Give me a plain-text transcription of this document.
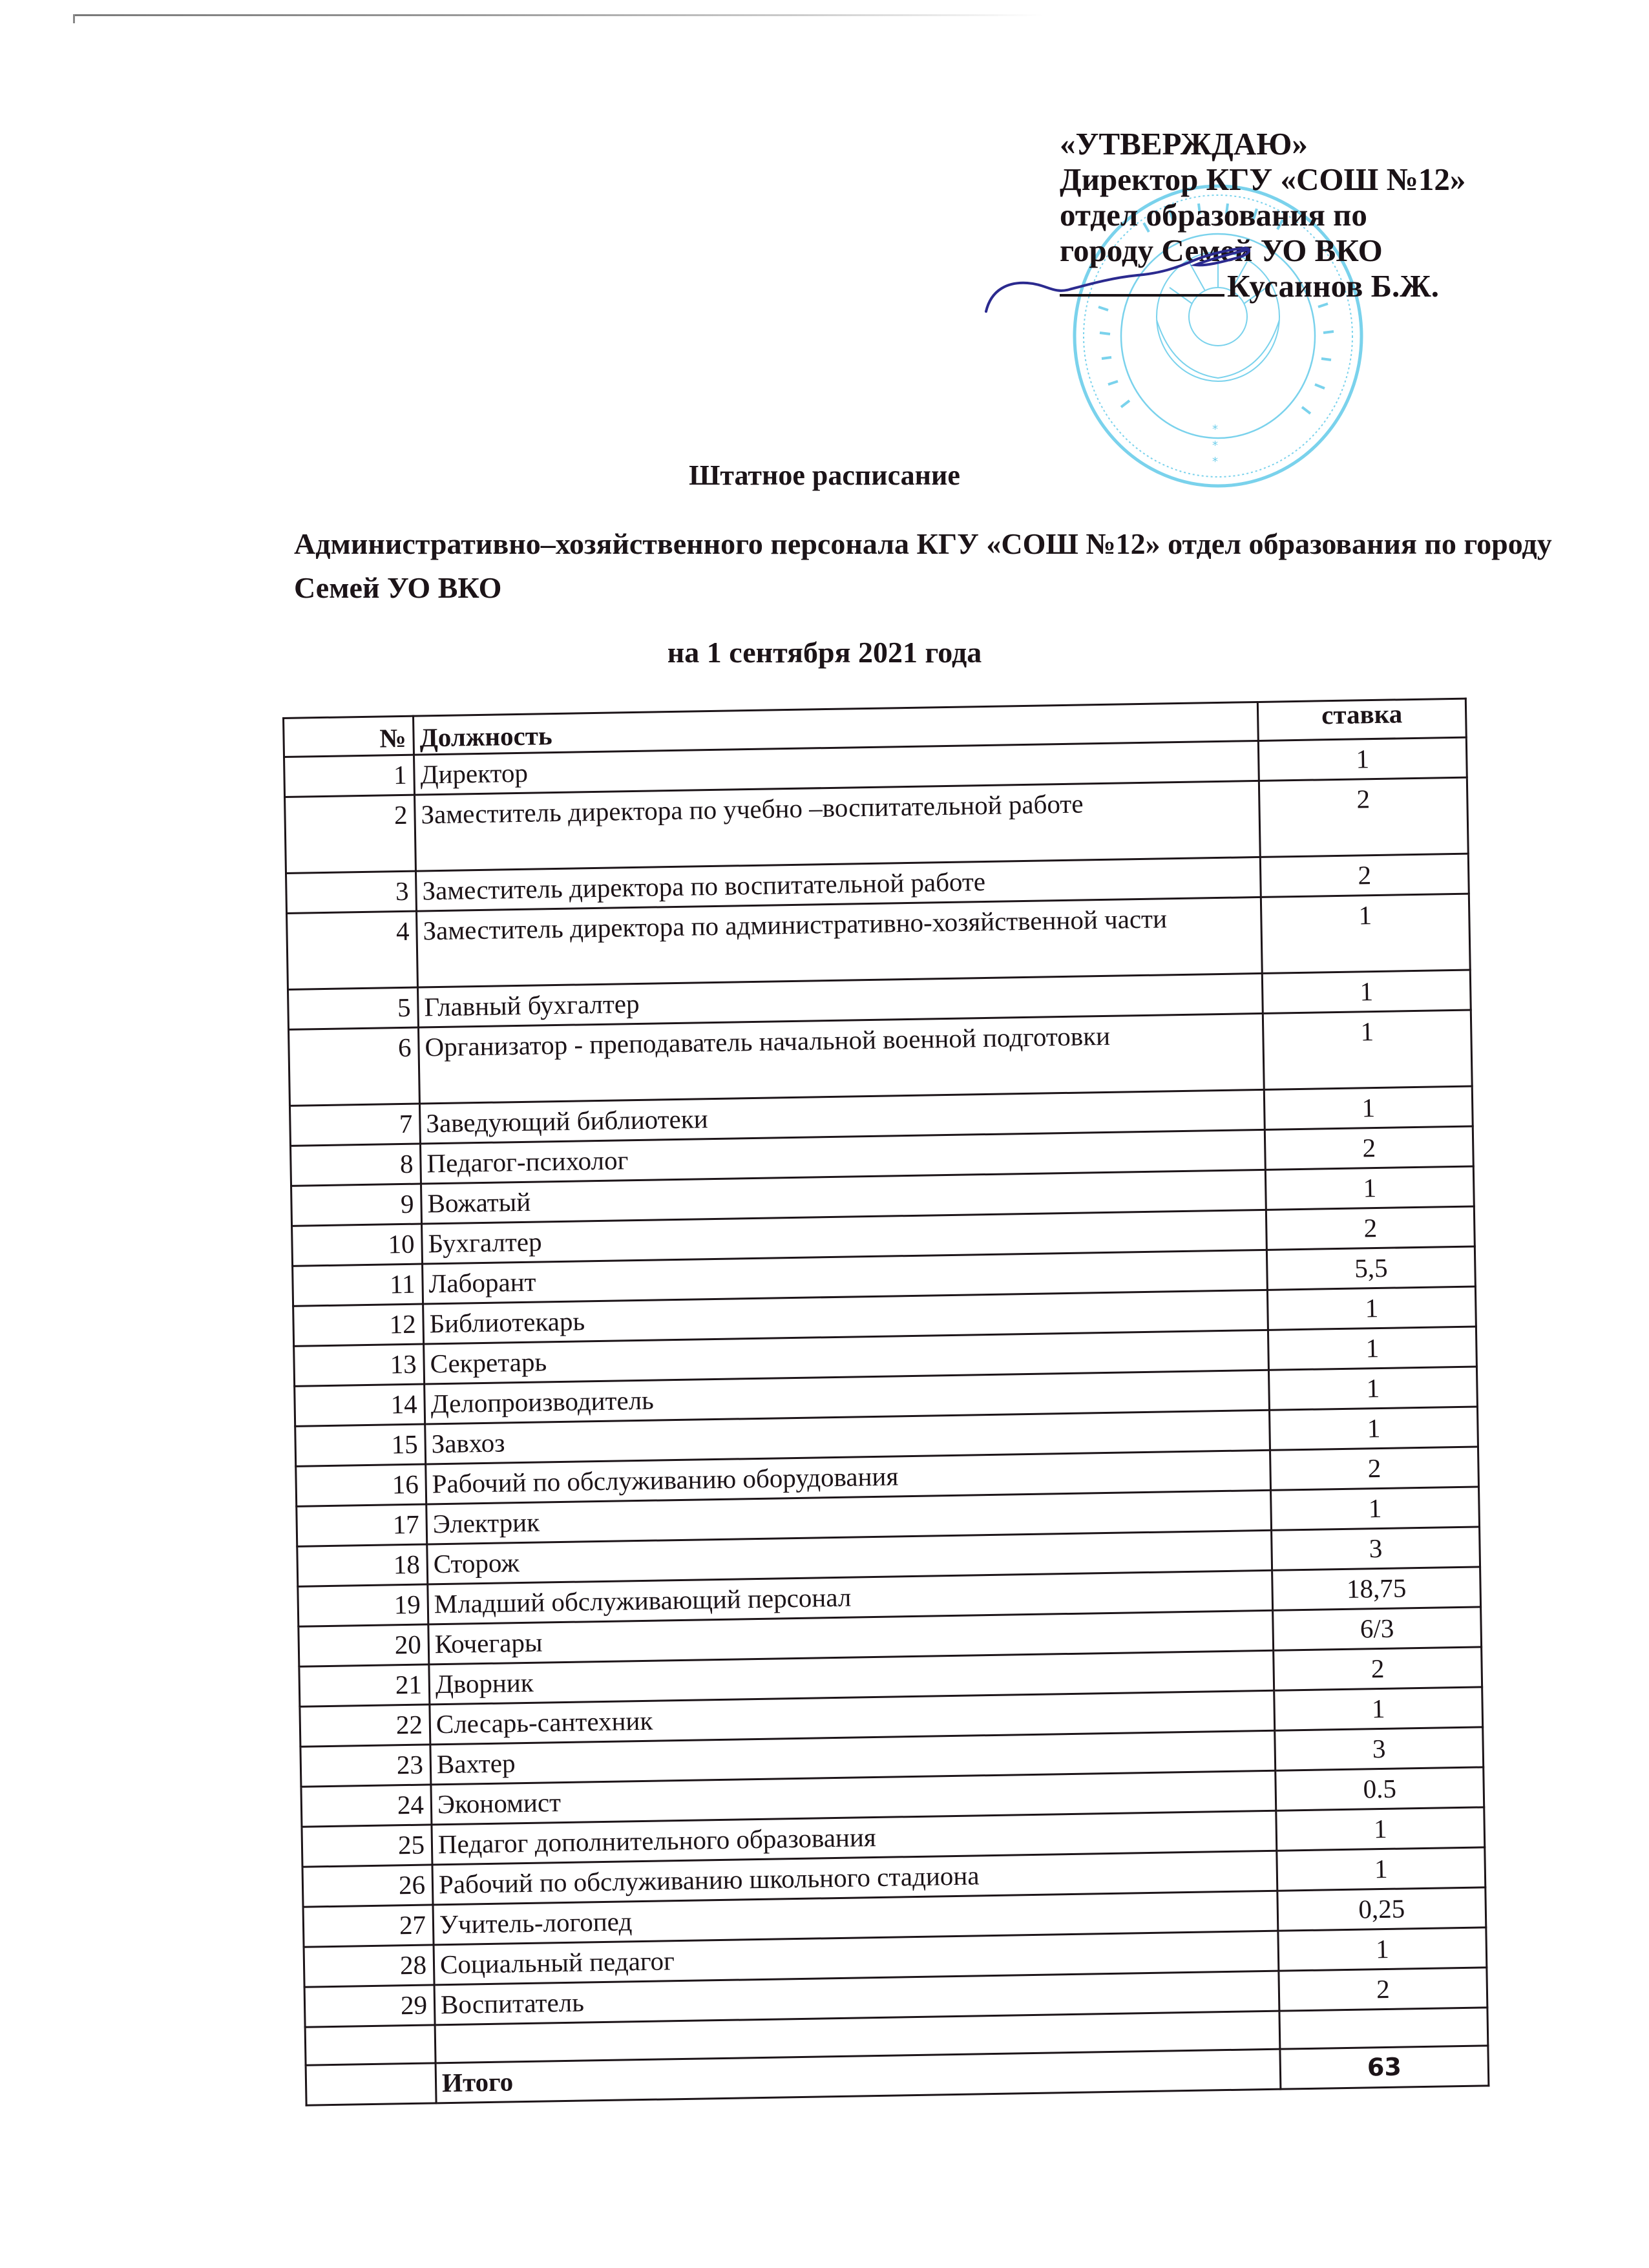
*
*
*
«УТВЕРЖДАЮ»
Директор КГУ «СОШ №12»
отдел образования по
городу Семей УО ВКО
Кусаинов Б.Ж.
Штатное расписание
Административно–хозяйственного персонала КГУ «СОШ №12» отдел образования по городу Семей УО ВКО
на 1 сентября 2021 года
№	Должность	ставка
1	Директор	1
2	Заместитель директора по учебно –воспитательной работе	2
3	Заместитель директора по воспитательной работе	2
4	Заместитель директора по административно-хозяйственной части	1
5	Главный бухгалтер	1
6	Организатор - преподаватель начальной военной подготовки	1
7	Заведующий библиотеки	1
8	Педагог-психолог	2
9	Вожатый	1
10	Бухгалтер	2
11	Лаборант	5,5
12	Библиотекарь	1
13	Секретарь	1
14	Делопроизводитель	1
15	Завхоз	1
16	Рабочий по обслуживанию оборудования	2
17	Электрик	1
18	Сторож	3
19	Младший обслуживающий персонал	18,75
20	Кочегары	6/3
21	Дворник	2
22	Слесарь-сантехник	1
23	Вахтер	3
24	Экономист	0.5
25	Педагог дополнительного образования	1
26	Рабочий по обслуживанию школьного стадиона	1
27	Учитель-логопед	0,25
28	Социальный педагог	1
29	Воспитатель	2

	Итого	63
